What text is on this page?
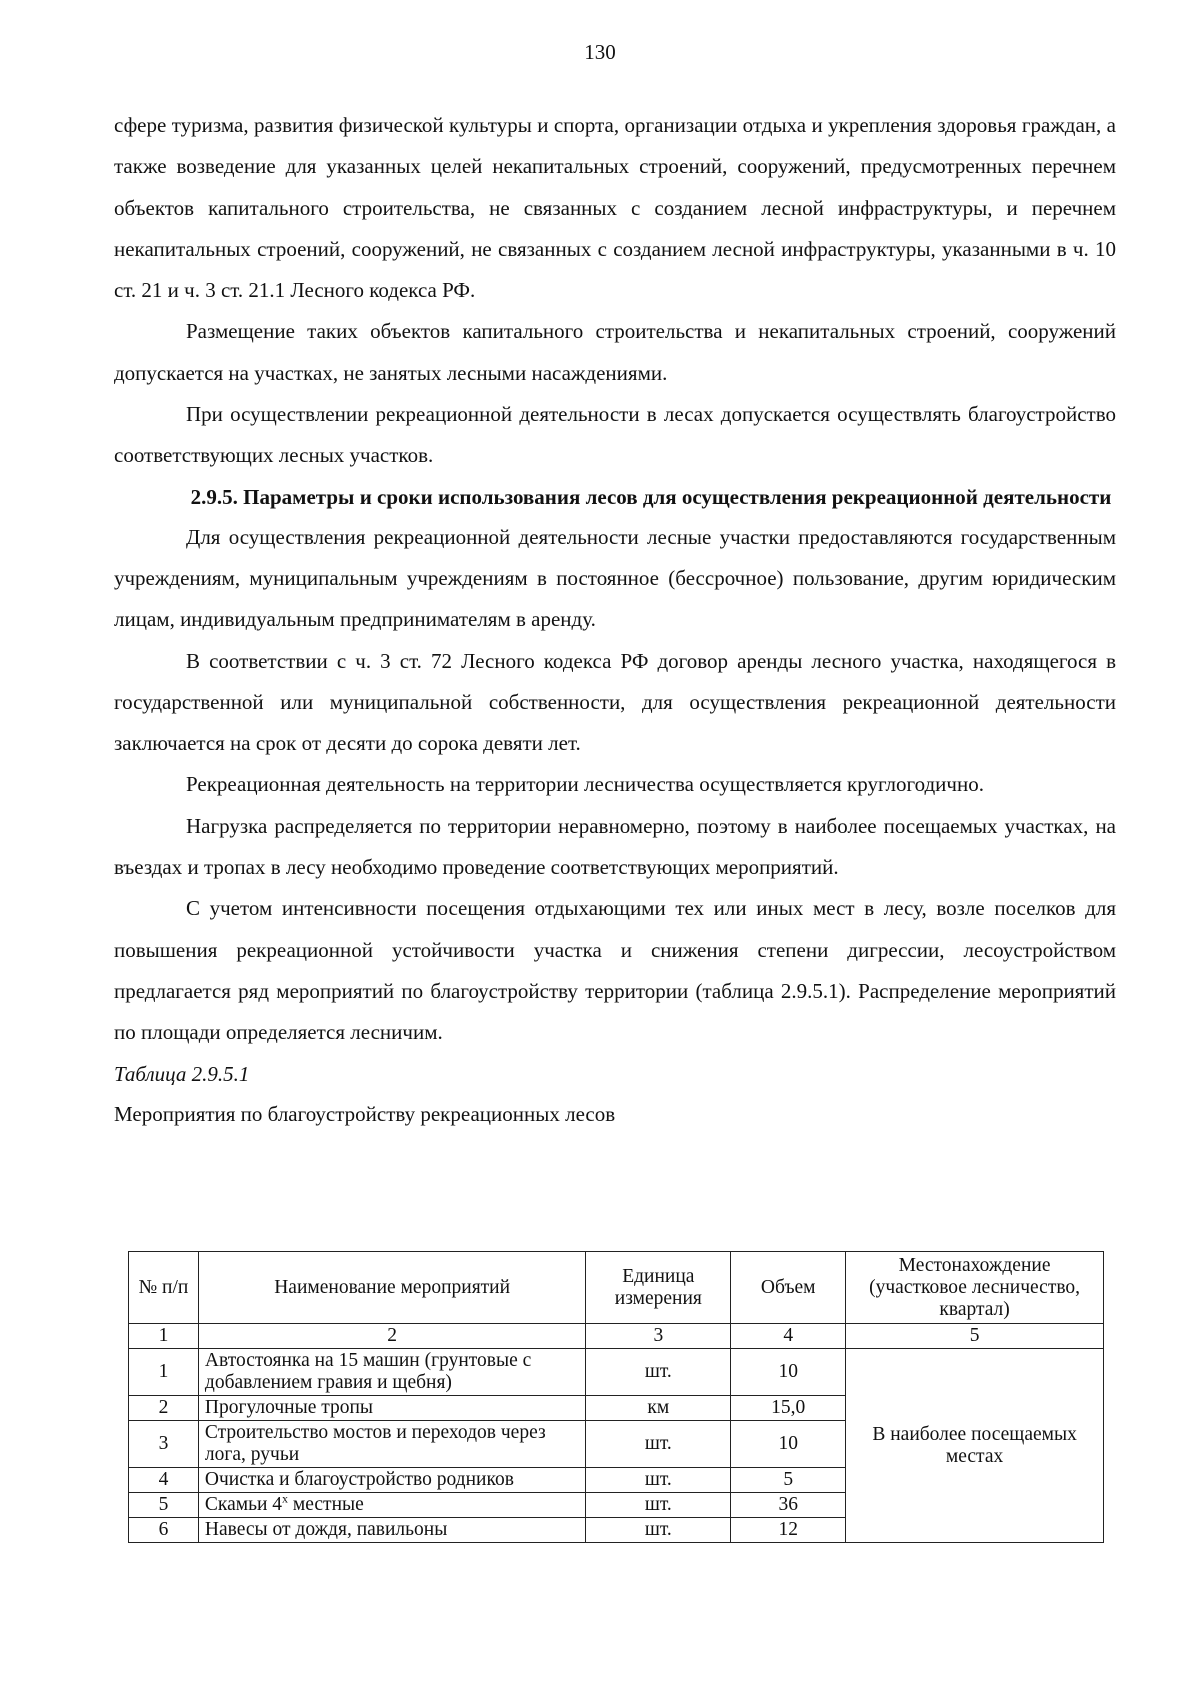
130

сфере туризма, развития физической культуры и спорта, организации отдыха и укрепления здоровья граждан, а также возведение для указанных целей некапитальных строений, сооружений, предусмотренных перечнем объектов капитального строительства, не связанных с созданием лесной инфраструктуры, и перечнем некапитальных строений, сооружений, не связанных с созданием лесной инфраструктуры, указанными в ч. 10 ст. 21 и ч. 3 ст. 21.1 Лесного кодекса РФ.

Размещение таких объектов капитального строительства и некапитальных строений, сооружений допускается на участках, не занятых лесными насаждениями.

При осуществлении рекреационной деятельности в лесах допускается осуществлять благоустройство соответствующих лесных участков.

2.9.5. Параметры и сроки использования лесов для осуществления рекреационной деятельности

Для осуществления рекреационной деятельности лесные участки предоставляются государственным учреждениям, муниципальным учреждениям в постоянное (бессрочное) пользование, другим юридическим лицам, индивидуальным предпринимателям в аренду.

В соответствии с ч. 3 ст. 72 Лесного кодекса РФ договор аренды лесного участка, находящегося в государственной или муниципальной собственности, для осуществления рекреационной деятельности заключается на срок от десяти до сорока девяти лет.

Рекреационная деятельность на территории лесничества осуществляется круглогодично.

Нагрузка распределяется по территории неравномерно, поэтому в наиболее посещаемых участках, на въездах и тропах в лесу необходимо проведение соответствующих мероприятий.

С учетом интенсивности посещения отдыхающими тех или иных мест в лесу, возле поселков для повышения рекреационной устойчивости участка и снижения степени дигрессии, лесоустройством предлагается ряд мероприятий по благоустройству территории (таблица 2.9.5.1). Распределение мероприятий по площади определяется лесничим.

Таблица 2.9.5.1

Мероприятия по благоустройству рекреационных лесов

№ п/п	Наименование мероприятий	Единица измерения	Объем	Местонахождение (участковое лесничество, квартал)
1	2	3	4	5
1	Автостоянка на 15 машин (грунтовые с добавлением гравия и щебня)	шт.	10	В наиболее посещаемых местах
2	Прогулочные тропы	км	15,0	
3	Строительство мостов и переходов через лога, ручьи	шт.	10	
4	Очистка и благоустройство родников	шт.	5	
5	Скамьи $4^х$ местные	шт.	36	
6	Навесы от дождя, павильоны	шт.	12	
